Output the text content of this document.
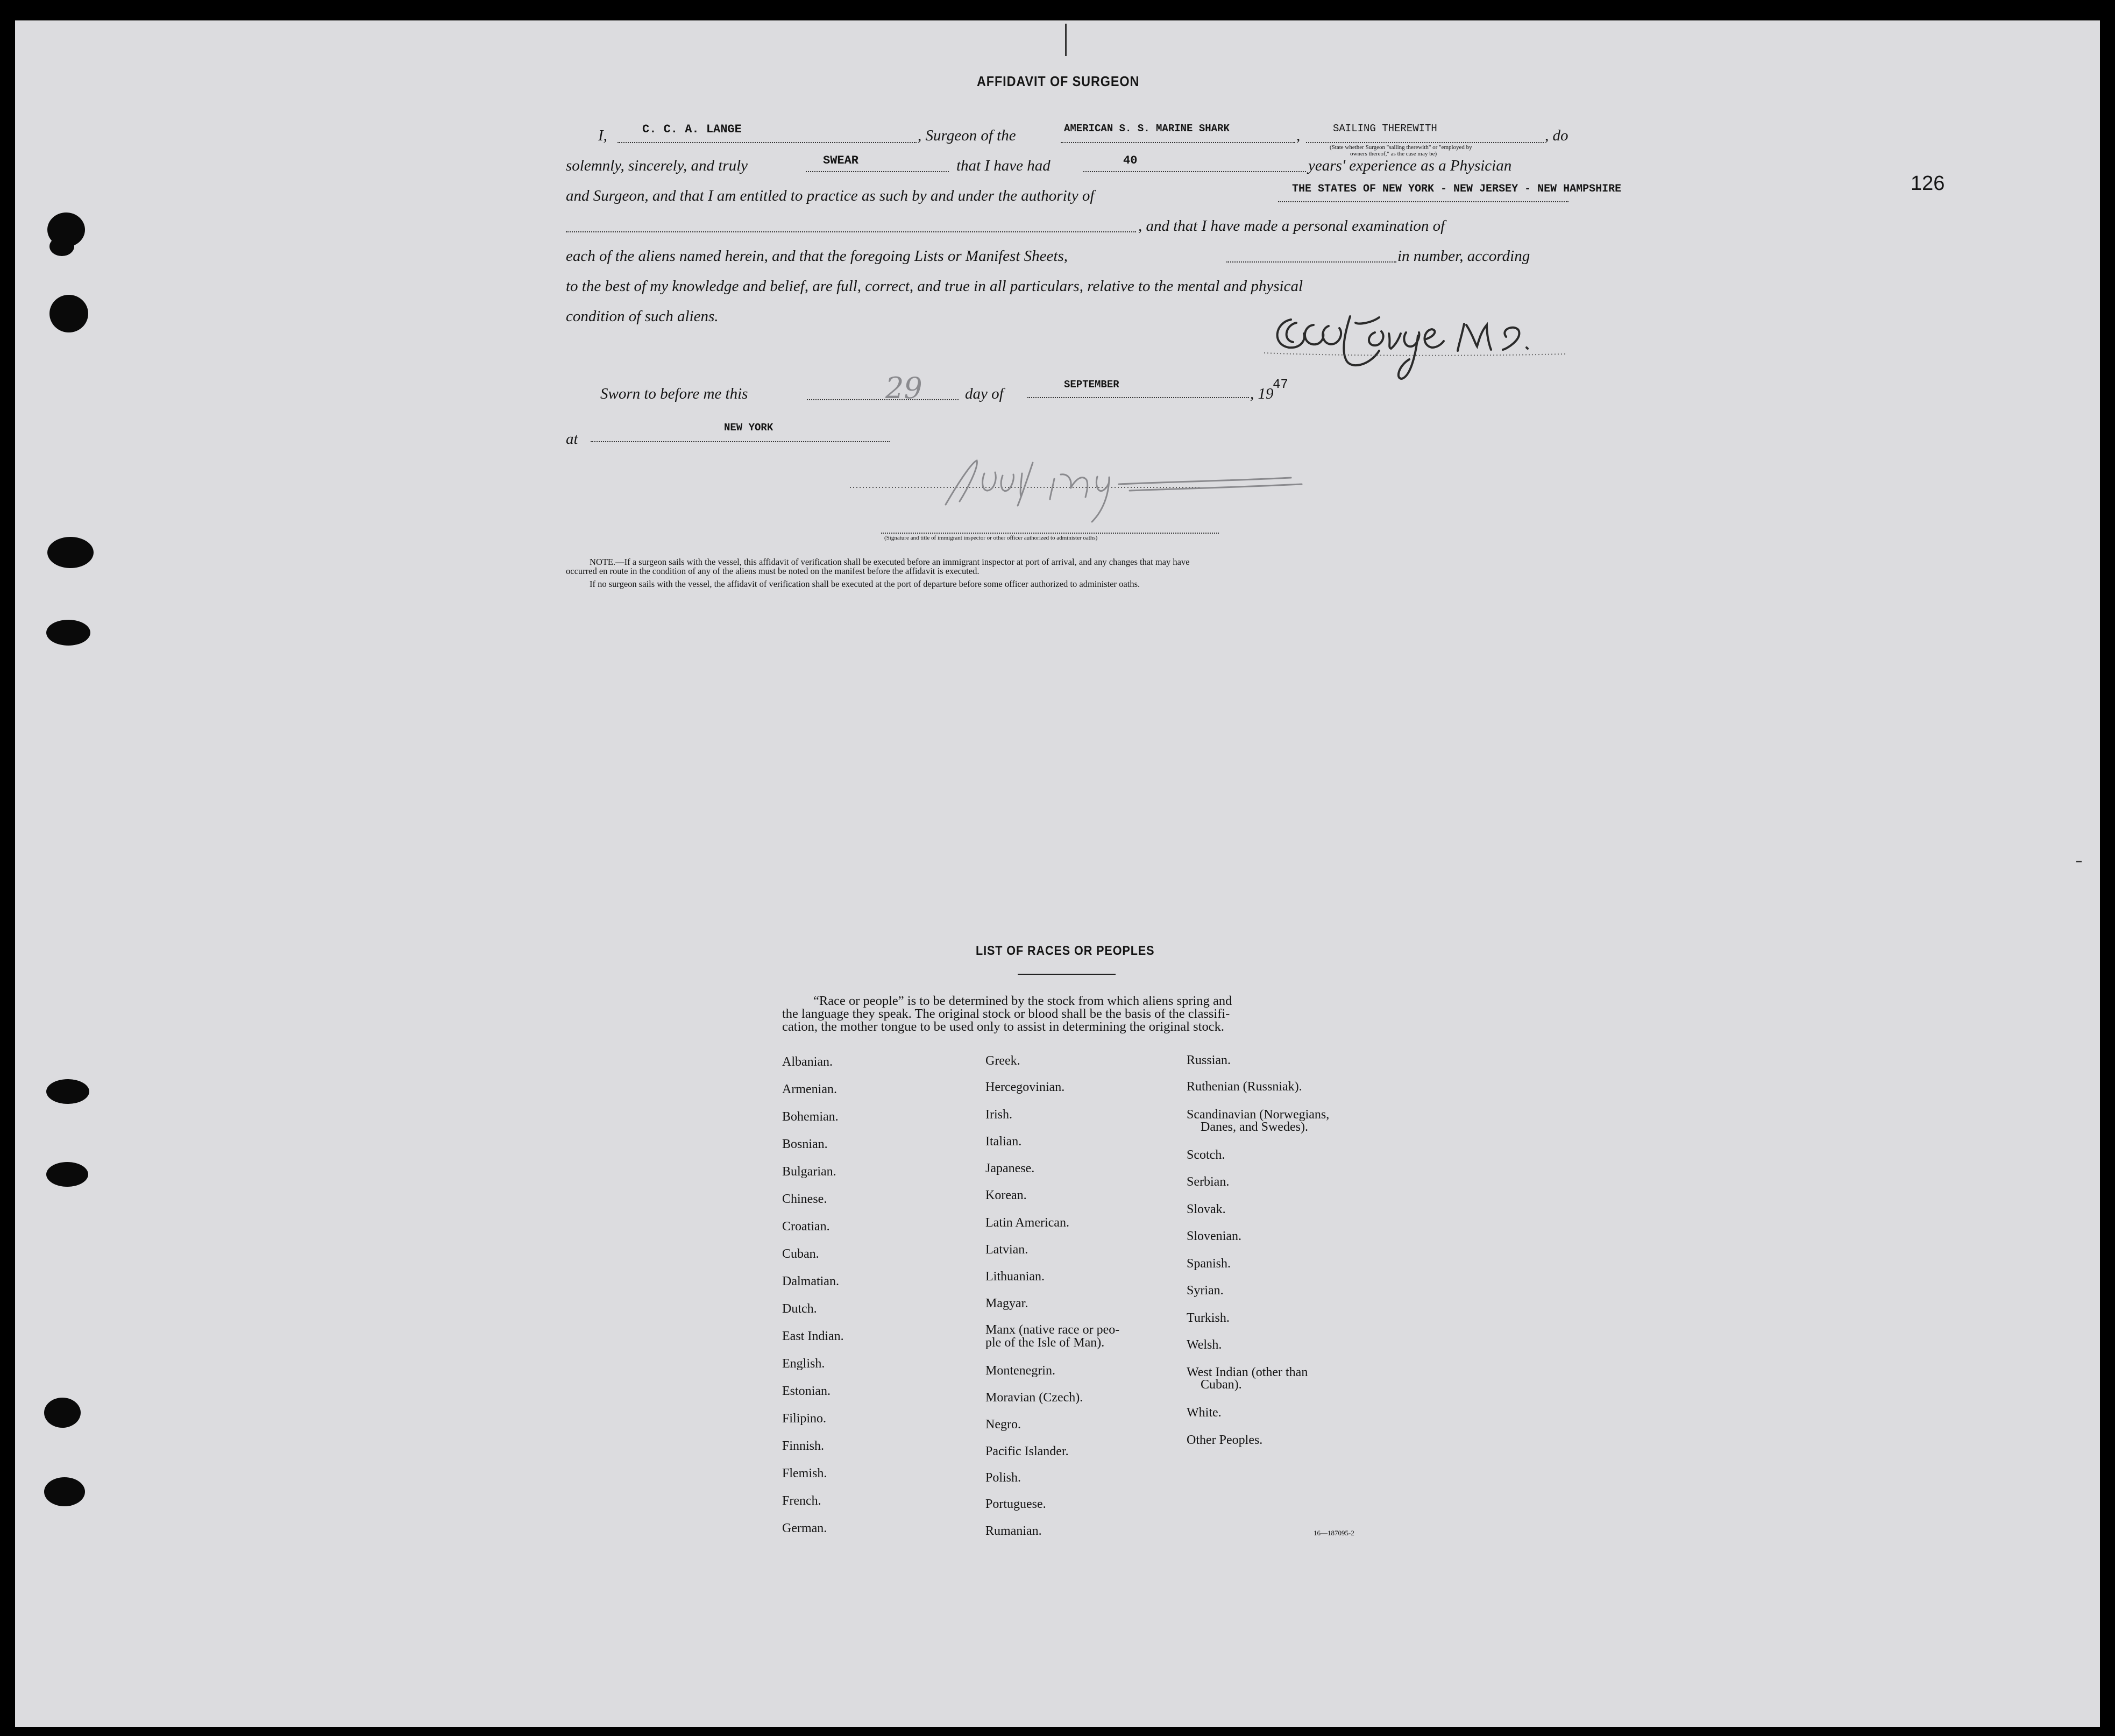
126
AFFIDAVIT OF SURGEON
I,	C. C. A. LANGE	, Surgeon of the	AMERICAN S. S. MARINE SHARK	,	SAILING THEREWITH	, do
(State whether Surgeon "sailing therewith" or "employed by
owners thereof," as the case may be)
solemnly, sincerely, and truly	SWEAR	that I have had	40	years' experience as a Physician
and Surgeon, and that I am entitled to practice as such by and under the authority of	THE STATES OF NEW YORK - NEW JERSEY - NEW HAMPSHIRE
, and that I have made a personal examination of
each of the aliens named herein, and that the foregoing Lists or Manifest Sheets,	in number, according
to the best of my knowledge and belief, are full, correct, and true in all particulars, relative to the mental and physical
condition of such aliens.
Sworn to before me this	29	day of
SEPTEMBER
, 19
47
at
NEW YORK
(Signature and title of immigrant inspector or other officer authorized to administer oaths)
NOTE.—If a surgeon sails with the vessel, this affidavit of verification shall be executed before an immigrant inspector at port of arrival, and any changes that may have
occurred en route in the condition of any of the aliens must be noted on the manifest before the affidavit is executed.
If no surgeon sails with the vessel, the affidavit of verification shall be executed at the port of departure before some officer authorized to administer oaths.
LIST OF RACES OR PEOPLES
“Race or people” is to be determined by the stock from which aliens spring and
the language they speak. The original stock or blood shall be the basis of the classifi-
cation, the mother tongue to be used only to assist in determining the original stock.
Albanian.
Armenian.
Bohemian.
Bosnian.
Bulgarian.
Chinese.
Croatian.
Cuban.
Dalmatian.
Dutch.
East Indian.
English.
Estonian.
Filipino.
Finnish.
Flemish.
French.
German.
Greek.
Hercegovinian.
Irish.
Italian.
Japanese.
Korean.
Latin American.
Latvian.
Lithuanian.
Magyar.
Manx (native race or peo-
ple of the Isle of Man).
Montenegrin.
Moravian (Czech).
Negro.
Pacific Islander.
Polish.
Portuguese.
Rumanian.
Russian.
Ruthenian (Russniak).
Scandinavian (Norwegians,
Danes, and Swedes).
Scotch.
Serbian.
Slovak.
Slovenian.
Spanish.
Syrian.
Turkish.
Welsh.
West Indian (other than
Cuban).
White.
Other Peoples.
16—187095-2
